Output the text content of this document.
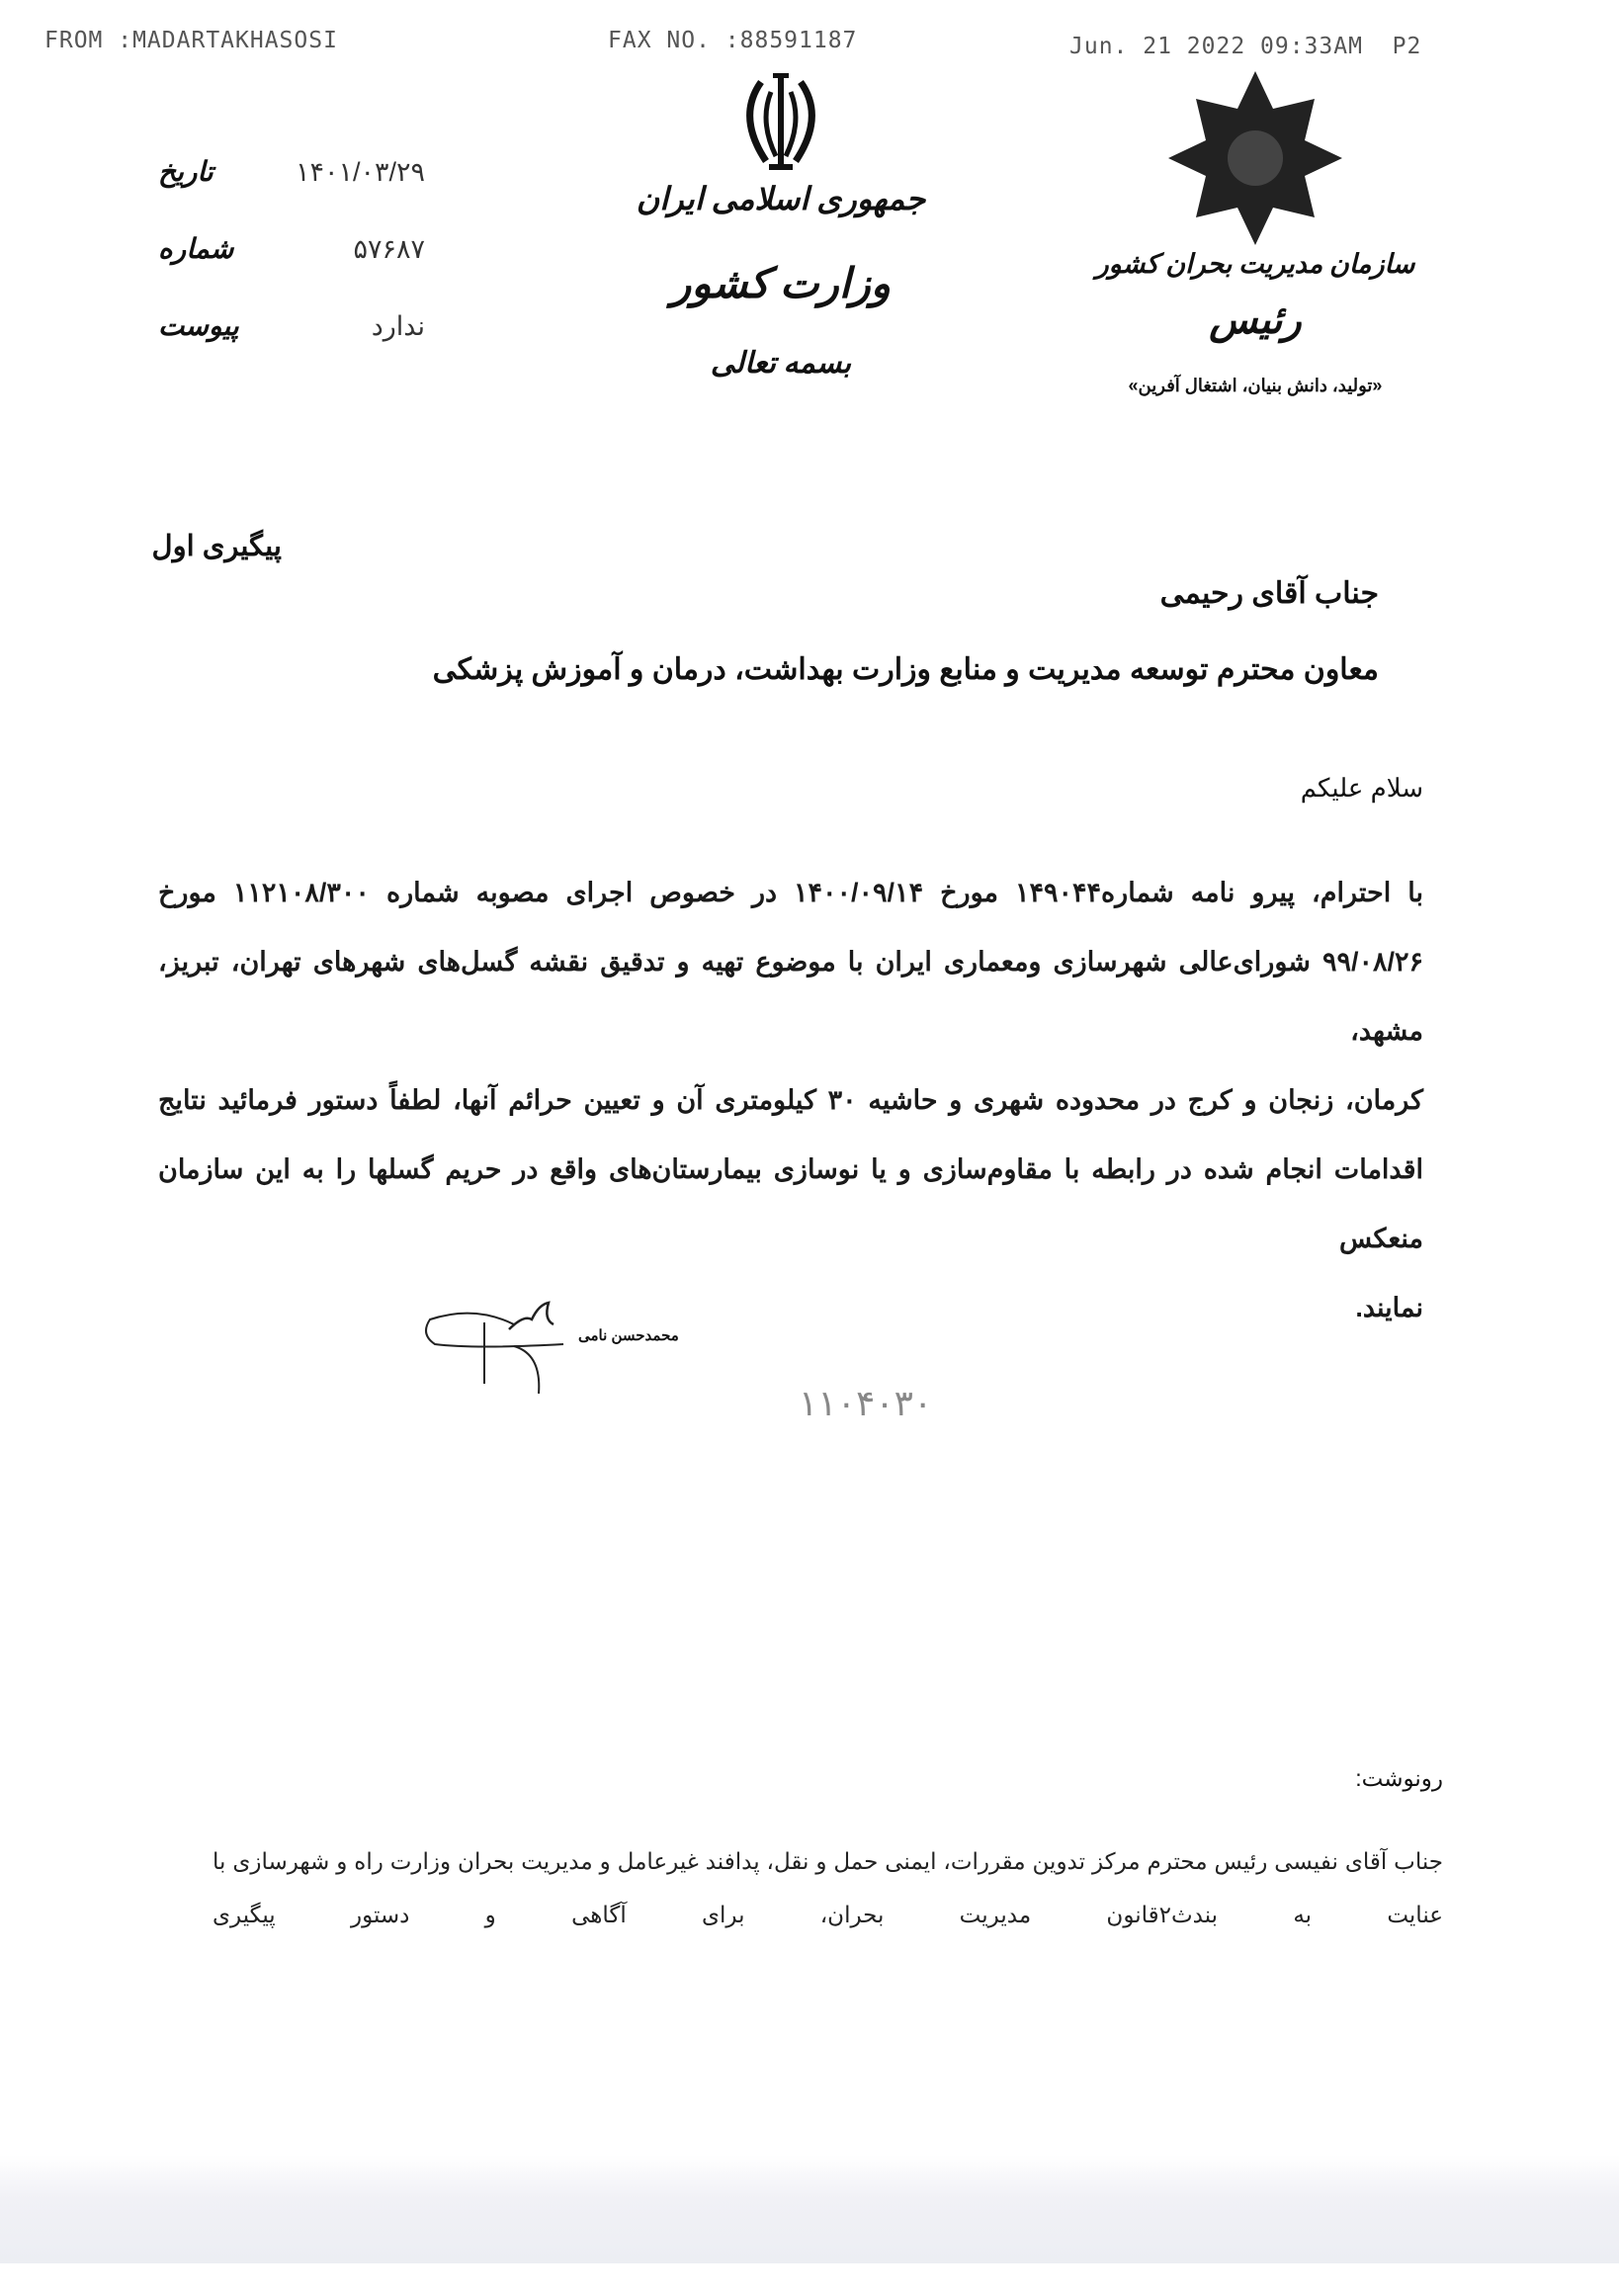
FROM :MADARTAKHASOSI	FAX NO. :88591187	Jun. 21 2022 09:33AM P2
تاریخ	۱۴۰۱/۰۳/۲۹
شماره	۵۷۶۸۷
پیوست	ندارد
جمهوری اسلامی ایران
وزارت کشور
بسمه تعالی
سازمان مدیریت بحران کشور
رئیس
«تولید، دانش بنیان، اشتغال آفرین»
پیگیری اول
جناب آقای رحیمی
معاون محترم توسعه مدیریت و منابع وزارت بهداشت، درمان و آموزش پزشکی
سلام علیکم
با احترام، پیرو نامه شماره۱۴۹۰۴۴ مورخ ۱۴۰۰/۰۹/۱۴ در خصوص اجرای مصوبه شماره ۱۱۲۱۰۸/۳۰۰ مورخ
۹۹/۰۸/۲۶ شورای‌عالی شهرسازی ومعماری ایران با موضوع تهیه و تدقیق نقشه گسل‌های شهرهای تهران، تبریز، مشهد،
کرمان، زنجان و کرج در محدوده شهری و حاشیه ۳۰ کیلومتری آن و تعیین حرائم آنها، لطفاً دستور فرمائید نتایج
اقدامات انجام شده در رابطه با مقاوم‌سازی و یا نوسازی بیمارستان‌های واقع در حریم گسلها را به این سازمان منعکس
نمایند.
محمدحسن نامی
۱۱۰۴۰۳۰
رونوشت:
جناب آقای نفیسی رئیس محترم مرکز تدوین مقررات، ایمنی حمل و نقل، پدافند غیرعامل و مدیریت بحران وزارت راه و شهرسازی با
عنایت به بندث۲قانون مدیریت بحران، برای آگاهی و دستور پیگیری
